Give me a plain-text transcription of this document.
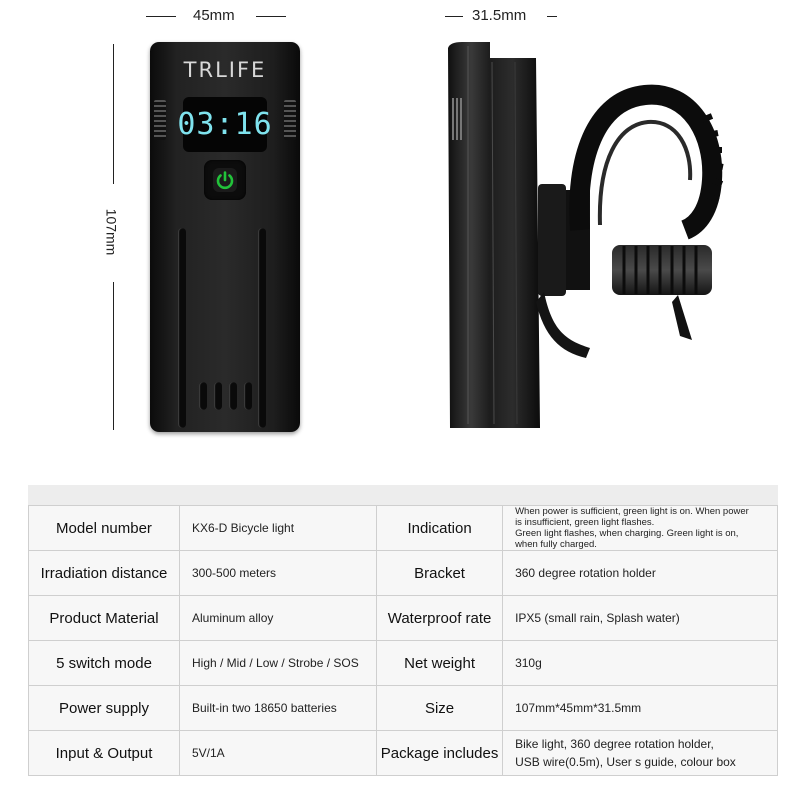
45mm	31.5mm
107mm
TRLIFE
03:16
Model number	KX6-D Bicycle light	Indication	When power is sufficient, green light is on. When power
is insufficient, green light flashes.
Green light flashes, when charging. Green light is on,
when fully charged.

Irradiation distance	300-500 meters	Bracket	360 degree rotation holder
Product Material	Aluminum alloy	Waterproof rate	IPX5 (small rain, Splash water)
5 switch mode	High / Mid / Low / Strobe / SOS	Net weight	310g
Power supply	Built-in two 18650 batteries	Size	107mm*45mm*31.5mm
Input & Output	5V/1A	Package includes	Bike light, 360 degree rotation holder,
USB wire(0.5m), User s guide, colour box
